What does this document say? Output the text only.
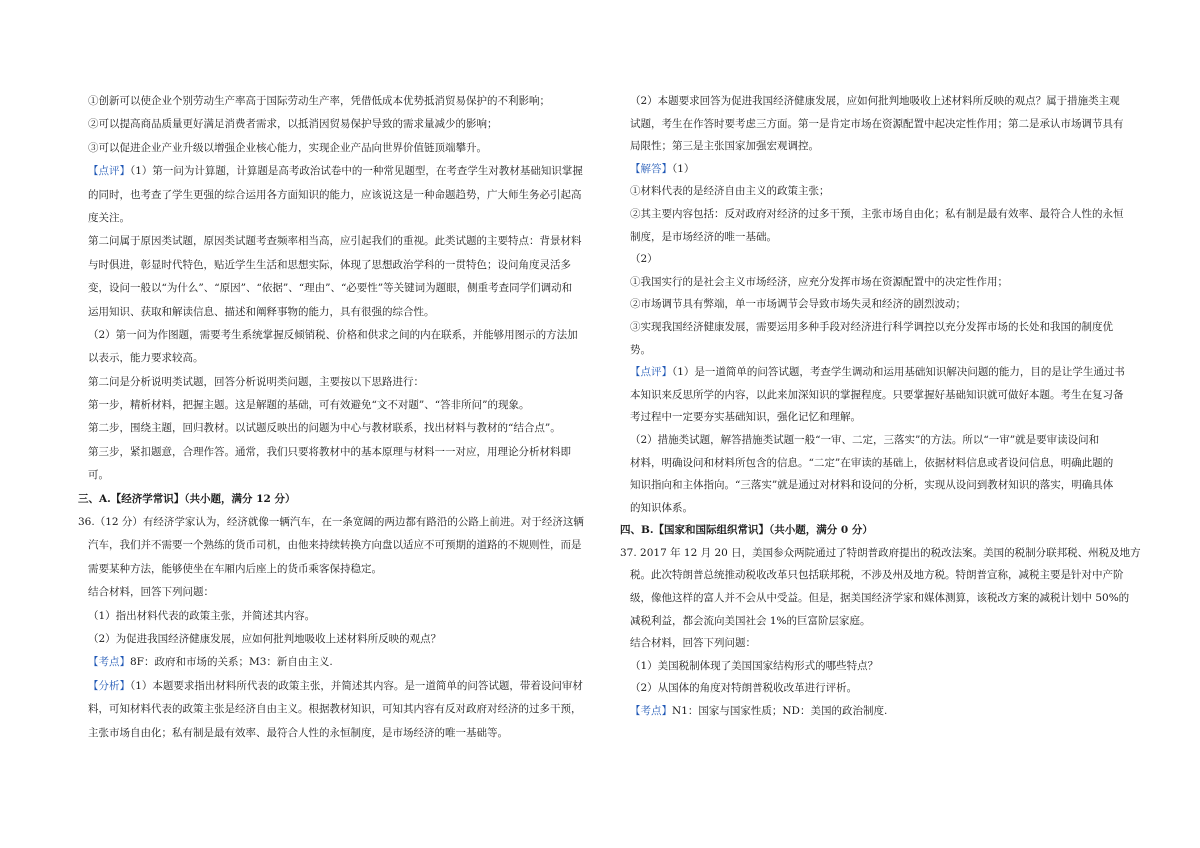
①创新可以使企业个别劳动生产率高于国际劳动生产率，凭借低成本优势抵消贸易保护的不利影响；
②可以提高商品质量更好满足消费者需求，以抵消因贸易保护导致的需求量减少的影响；
③可以促进企业产业升级以增强企业核心能力，实现企业产品向世界价值链顶端攀升。
【点评】（1）第一问为计算题，计算题是高考政治试卷中的一种常见题型，在考查学生对教材基础知识掌握
的同时，也考查了学生更强的综合运用各方面知识的能力，应该说这是一种命题趋势，广大师生务必引起高
度关注。
第二问属于原因类试题，原因类试题考查频率相当高，应引起我们的重视。此类试题的主要特点：背景材料
与时俱进，彰显时代特色，贴近学生生活和思想实际，体现了思想政治学科的一贯特色；设问角度灵活多
变，设问一般以“为什么”、“原因”、“依据”、“理由”、“必要性”等关键词为题眼，侧重考查同学们调动和
运用知识、获取和解读信息、描述和阐释事物的能力，具有很强的综合性。
（2）第一问为作图题，需要考生系统掌握反倾销税、价格和供求之间的内在联系，并能够用图示的方法加
以表示，能力要求较高。
第二问是分析说明类试题，回答分析说明类问题，主要按以下思路进行：
第一步，精析材料，把握主题。这是解题的基础，可有效避免“文不对题”、“答非所问”的现象。
第二步，围绕主题，回归教材。以试题反映出的问题为中心与教材联系，找出材料与教材的“结合点”。
第三步，紧扣题意，合理作答。通常，我们只要将教材中的基本原理与材料一一对应，用理论分析材料即
可。
三、A.【经济学常识】（共小题，满分 12 分）
36.（12 分）有经济学家认为，经济就像一辆汽车，在一条宽阔的两边都有路沿的公路上前进。对于经济这辆
汽车，我们并不需要一个熟练的货币司机，由他来持续转换方向盘以适应不可预期的道路的不规则性，而是
需要某种方法，能够使坐在车厢内后座上的货币乘客保持稳定。
结合材料，回答下列问题：
（1）指出材料代表的政策主张，并简述其内容。
（2）为促进我国经济健康发展，应如何批判地吸收上述材料所反映的观点？
【考点】8F：政府和市场的关系；M3：新自由主义.
【分析】（1）本题要求指出材料所代表的政策主张，并简述其内容。是一道简单的问答试题，带着设问审材
料，可知材料代表的政策主张是经济自由主义。根据教材知识，可知其内容有反对政府对经济的过多干预，
主张市场自由化；私有制是最有效率、最符合人性的永恒制度，是市场经济的唯一基础等。
（2）本题要求回答为促进我国经济健康发展，应如何批判地吸收上述材料所反映的观点？属于措施类主观
试题，考生在作答时要考虑三方面。第一是肯定市场在资源配置中起决定性作用；第二是承认市场调节具有
局限性；第三是主张国家加强宏观调控。
【解答】（1）
①材料代表的是经济自由主义的政策主张；
②其主要内容包括：反对政府对经济的过多干预，主张市场自由化；私有制是最有效率、最符合人性的永恒
制度，是市场经济的唯一基础。
（2）
①我国实行的是社会主义市场经济，应充分发挥市场在资源配置中的决定性作用；
②市场调节具有弊端，单一市场调节会导致市场失灵和经济的剧烈波动；
③实现我国经济健康发展，需要运用多种手段对经济进行科学调控以充分发挥市场的长处和我国的制度优
势。
【点评】（1）是一道简单的问答试题，考查学生调动和运用基础知识解决问题的能力，目的是让学生通过书
本知识来反思所学的内容，以此来加深知识的掌握程度。只要掌握好基础知识就可做好本题。考生在复习备
考过程中一定要夯实基础知识，强化记忆和理解。
（2）措施类试题，解答措施类试题一般“一审、二定，三落实”的方法。所以“一审”就是要审读设问和
材料，明确设问和材料所包含的信息。“二定”在审读的基础上，依据材料信息或者设问信息，明确此题的
知识指向和主体指向。“三落实”就是通过对材料和设问的分析，实现从设问到教材知识的落实，明确具体
的知识体系。
四、B.【国家和国际组织常识】（共小题，满分 0 分）
37. 2017 年 12 月 20 日，美国参众两院通过了特朗普政府提出的税改法案。美国的税制分联邦税、州税及地方
税。此次特朗普总统推动税收改革只包括联邦税，不涉及州及地方税。特朗普宣称，减税主要是针对中产阶
级，像他这样的富人并不会从中受益。但是，据美国经济学家和媒体测算，该税改方案的减税计划中 50%的
减税利益，都会流向美国社会 1%的巨富阶层家庭。
结合材料，回答下列问题：
（1）美国税制体现了美国国家结构形式的哪些特点？
（2）从国体的角度对特朗普税收改革进行评析。
【考点】N1：国家与国家性质；ND：美国的政治制度.
